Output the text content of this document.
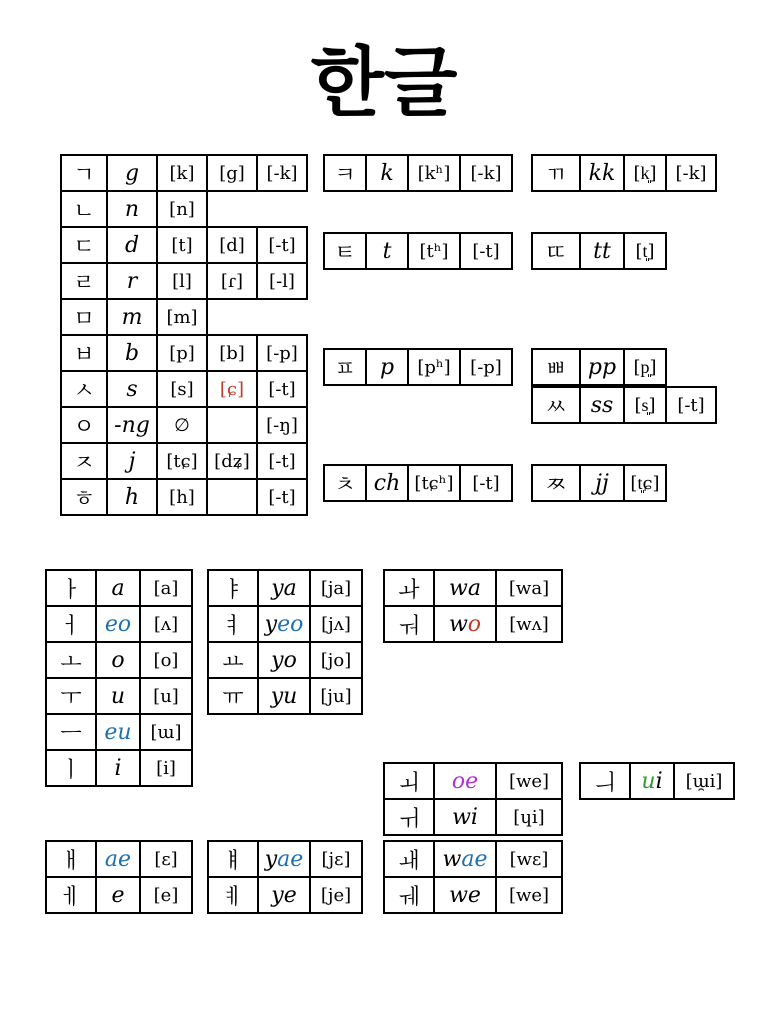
한글
ㄱ	g	[k]	[g]	[-k]
ㄴ	n	[n]		
ㄷ	d	[t]	[d]	[-t]
ㄹ	r	[l]	[ɾ]	[-l]
ㅁ	m	[m]		
ㅂ	b	[p]	[b]	[-p]
ㅅ	s	[s]	[ɕ]	[-t]
ㅇ	-ng	∅		[-ŋ]
ㅈ	j	[tɕ]	[dʑ]	[-t]
ㅎ	h	[h]		[-t]
ㅋ	k	[kʰ]	[-k]
ㅌ	t	[tʰ]	[-t]
ㅍ	p	[pʰ]	[-p]
ㅊ	ch	[tɕʰ]	[-t]
ㄲ	kk	[k͈]	[-k]
ㄸ	tt	[t͈]
ㅃ	pp	[p͈]
ㅆ	ss	[s͈]	[-t]
ㅉ	jj	[t͈ɕ]
ㅏ	a	[a]
ㅓ	eo	[ʌ]
ㅗ	o	[o]
ㅜ	u	[u]
ㅡ	eu	[ɯ]
ㅣ	i	[i]
ㅑ	ya	[ja]
ㅕ	yeo	[jʌ]
ㅛ	yo	[jo]
ㅠ	yu	[ju]
ㅘ	wa	[wa]
ㅝ	wo	[wʌ]
ㅚ	oe	[we]
ㅟ	wi	[ɥi]
ㅢ	ui	[ɯ̯i]
ㅐ	ae	[ɛ]
ㅔ	e	[e]
ㅒ	yae	[jɛ]
ㅖ	ye	[je]
ㅙ	wae	[wɛ]
ㅞ	we	[we]
